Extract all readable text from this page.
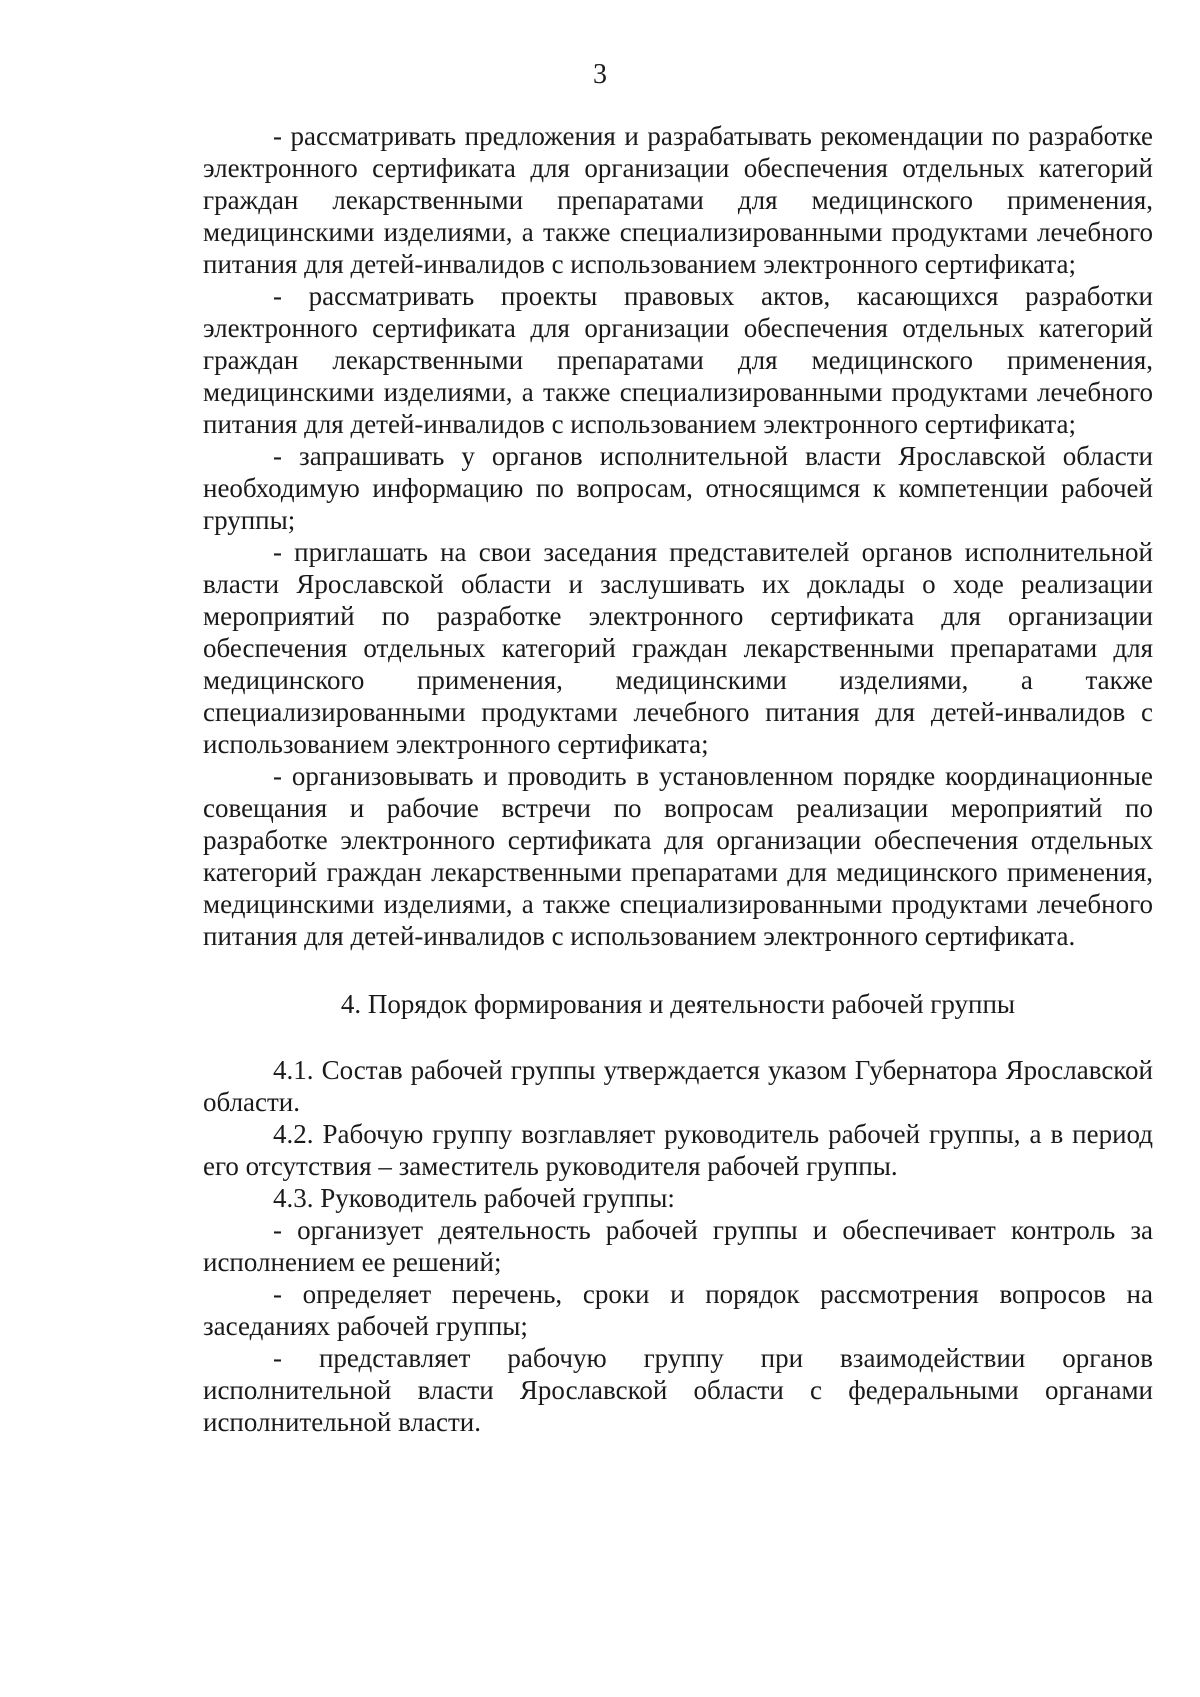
3

- рассматривать предложения и разрабатывать рекомендации по разработке электронного сертификата для организации обеспечения отдельных категорий граждан лекарственными препаратами для медицинского применения, медицинскими изделиями, а также специализированными продуктами лечебного питания для детей-инвалидов с использованием электронного сертификата;

- рассматривать проекты правовых актов, касающихся разработки электронного сертификата для организации обеспечения отдельных категорий граждан лекарственными препаратами для медицинского применения, медицинскими изделиями, а также специализированными продуктами лечебного питания для детей-инвалидов с использованием электронного сертификата;

- запрашивать у органов исполнительной власти Ярославской области необходимую информацию по вопросам, относящимся к компетенции рабочей группы;

- приглашать на свои заседания представителей органов исполнительной власти Ярославской области и заслушивать их доклады о ходе реализации мероприятий по разработке электронного сертификата для организации обеспечения отдельных категорий граждан лекарственными препаратами для медицинского применения, медицинскими изделиями, а также специализированными продуктами лечебного питания для детей-инвалидов с использованием электронного сертификата;

- организовывать и проводить в установленном порядке координационные совещания и рабочие встречи по вопросам реализации мероприятий по разработке электронного сертификата для организации обеспечения отдельных категорий граждан лекарственными препаратами для медицинского применения, медицинскими изделиями, а также специализированными продуктами лечебного питания для детей-инвалидов с использованием электронного сертификата.

4. Порядок формирования и деятельности рабочей группы

4.1. Состав рабочей группы утверждается указом Губернатора Ярославской области.

4.2. Рабочую группу возглавляет руководитель рабочей группы, а в период его отсутствия – заместитель руководителя рабочей группы.

4.3. Руководитель рабочей группы:

- организует деятельность рабочей группы и обеспечивает контроль за исполнением ее решений;

- определяет перечень, сроки и порядок рассмотрения вопросов на заседаниях рабочей группы;

- представляет рабочую группу при взаимодействии органов исполнительной власти Ярославской области с федеральными органами исполнительной власти.
